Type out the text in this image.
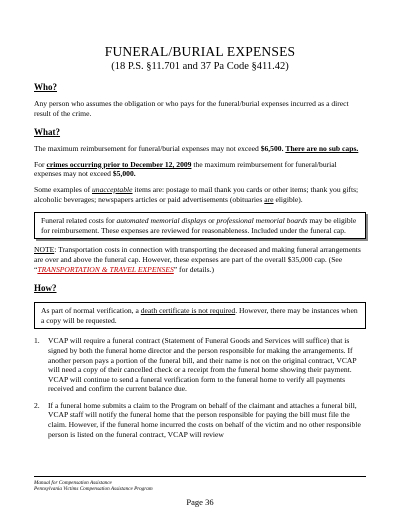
FUNERAL/BURIAL EXPENSES
(18 P.S. §11.701 and 37 Pa Code §411.42)
Who?

Any person who assumes the obligation or who pays for the funeral/burial expenses incurred as a direct result of the crime.

What?

The maximum reimbursement for funeral/burial expenses may not exceed $6,500. There are no sub caps.

For crimes occurring prior to December 12, 2009 the maximum reimbursement for funeral/burial expenses may not exceed $5,000.

Some examples of unacceptable items are: postage to mail thank you cards or other items; thank you gifts; alcoholic beverages; newspapers articles or paid advertisements (obituaries are eligible).

Funeral related costs for automated memorial displays or professional memorial boards may be eligible for reimbursement. These expenses are reviewed for reasonableness. Included under the funeral cap.

NOTE: Transportation costs in connection with transporting the deceased and making funeral arrangements are over and above the funeral cap. However, these expenses are part of the overall $35,000 cap. (See “TRANSPORTATION & TRAVEL EXPENSES” for details.)

How?
As part of normal verification, a death certificate is not required. However, there may be instances when a copy will be requested.
1.	VCAP will require a funeral contract (Statement of Funeral Goods and Services will suffice) that is signed by both the funeral home director and the person responsible for making the arrangements. If another person pays a portion of the funeral bill, and their name is not on the original contract, VCAP will need a copy of their cancelled check or a receipt from the funeral home showing their payment. VCAP will continue to send a funeral verification form to the funeral home to verify all payments received and confirm the current balance due.
2.	If a funeral home submits a claim to the Program on behalf of the claimant and attaches a funeral bill, VCAP staff will notify the funeral home that the person responsible for paying the bill must file the claim. However, if the funeral home incurred the costs on behalf of the victim and no other responsible person is listed on the funeral contract, VCAP will review
Manual for Compensation Assistance
Pennsylvania Victims Compensation Assistance Program
Page 36
